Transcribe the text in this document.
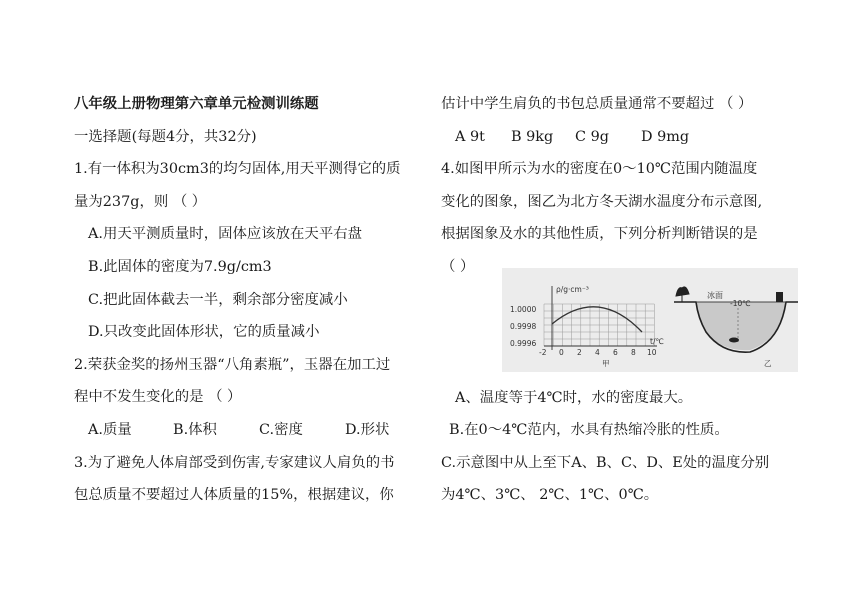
八年级上册物理第六章单元检测训练题
一选择题(每题4分，共32分)
1.有一体积为30cm3的均匀固体,用天平测得它的质
量为237g，则 （ ）
A.用天平测质量时，固体应该放在天平右盘
B.此固体的密度为7.9g/cm3
C.把此固体截去一半，剩余部分密度减小
D.只改变此固体形状，它的质量减小
2.荣获金奖的扬州玉器“八角素瓶”，玉器在加工过
程中不发生变化的是 （ ）
A.质量	B.体积	C.密度	D.形状
3.为了避免人体肩部受到伤害,专家建议人肩负的书
包总质量不要超过人体质量的15%，根据建议，你
估计中学生肩负的书包总质量通常不要超过 （ ）
A 9t B 9kg C 9g D 9mg
4.如图甲所示为水的密度在0～10℃范围内随温度
变化的图象，图乙为北方冬天湖水温度分布示意图,
根据图象及水的其他性质，下列分析判断错误的是
（ ）
A、温度等于4℃时，水的密度最大。
B.在0～4℃范内，水具有热缩冷胀的性质。
C.示意图中从上至下A、B、C、D、E处的温度分别
为4℃、3℃、 2℃、1℃、0℃。
ρ/g·cm⁻³
t/℃
1.0000
0.9998
0.9996
-2 0 2 4 6 8 10
甲
冰面
-10℃
乙
